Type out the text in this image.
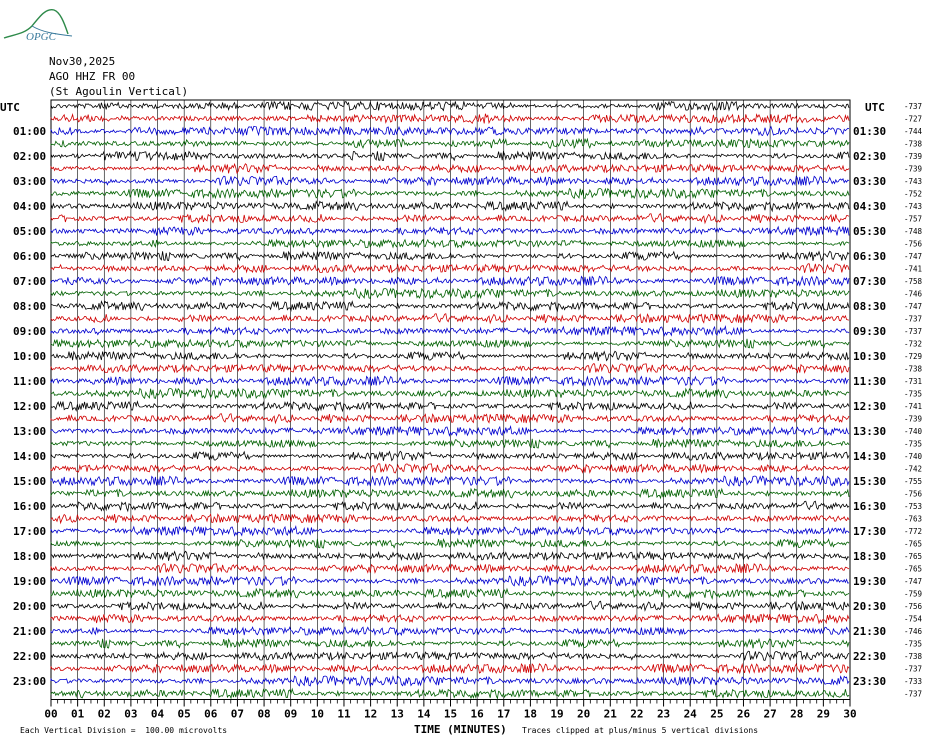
01:00
02:00
03:00
04:00
05:00
06:00
07:00
08:00
09:00
10:00
11:00
12:00
13:00
14:00
15:00
16:00
17:00
18:00
19:00
20:00
21:00
22:00
23:00
01:30
02:30
03:30
04:30
05:30
06:30
07:30
08:30
09:30
10:30
11:30
12:30
13:30
14:30
15:30
16:30
17:30
18:30
19:30
20:30
21:30
22:30
23:30
-737
-727
-744
-738
-739
-739
-743
-752
-743
-757
-748
-756
-747
-741
-758
-746
-747
-737
-737
-732
-729
-738
-731
-735
-741
-739
-740
-735
-740
-742
-755
-756
-753
-763
-772
-765
-765
-765
-747
-759
-756
-754
-746
-735
-738
-737
-733
-737
00 01 02 03 04 05 06 07 08 09 10 11 12 13 14 15 16 17 18 19 20 21 22 23 24 25 26 27 28 29 30
OPGC
Nov30,2025
AGO HHZ FR 00
(St Agoulin Vertical)
UTC	UTC
Each Vertical Division =  100.00 microvolts	TIME (MINUTES) Traces clipped at plus/minus 5 vertical divisions
